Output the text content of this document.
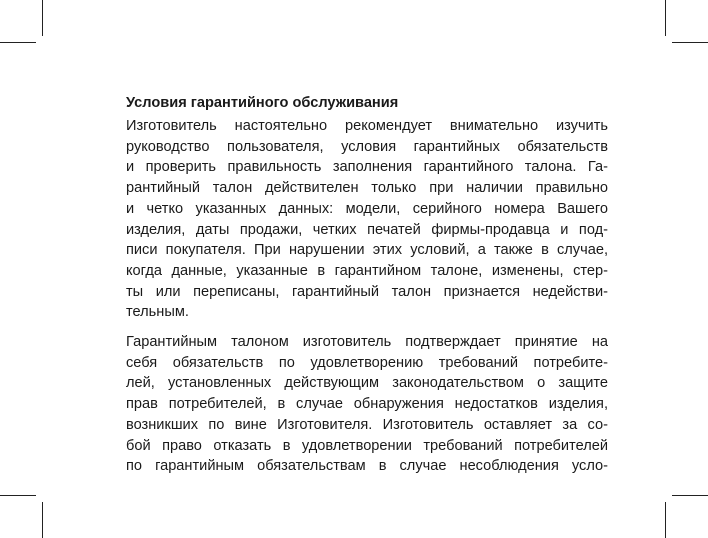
Условия гарантийного обслуживания

Изготовитель настоятельно рекомендует внимательно изучить
руководство пользователя, условия гарантийных обязательств
и проверить правильность заполнения гарантийного талона. Га-
рантийный талон действителен только при наличии правильно
и четко указанных данных: модели, серийного номера Вашего
изделия, даты продажи, четких печатей фирмы-продавца и под-
писи покупателя. При нарушении этих условий, а также в случае,
когда данные, указанные в гарантийном талоне, изменены, стер-
ты или переписаны, гарантийный талон признается недействи-
тельным.

Гарантийным талоном изготовитель подтверждает принятие на
себя обязательств по удовлетворению требований потребите-
лей, установленных действующим законодательством о защите
прав потребителей, в случае обнаружения недостатков изделия,
возникших по вине Изготовителя. Изготовитель оставляет за со-
бой право отказать в удовлетворении требований потребителей
по гарантийным обязательствам в случае несоблюдения усло-
